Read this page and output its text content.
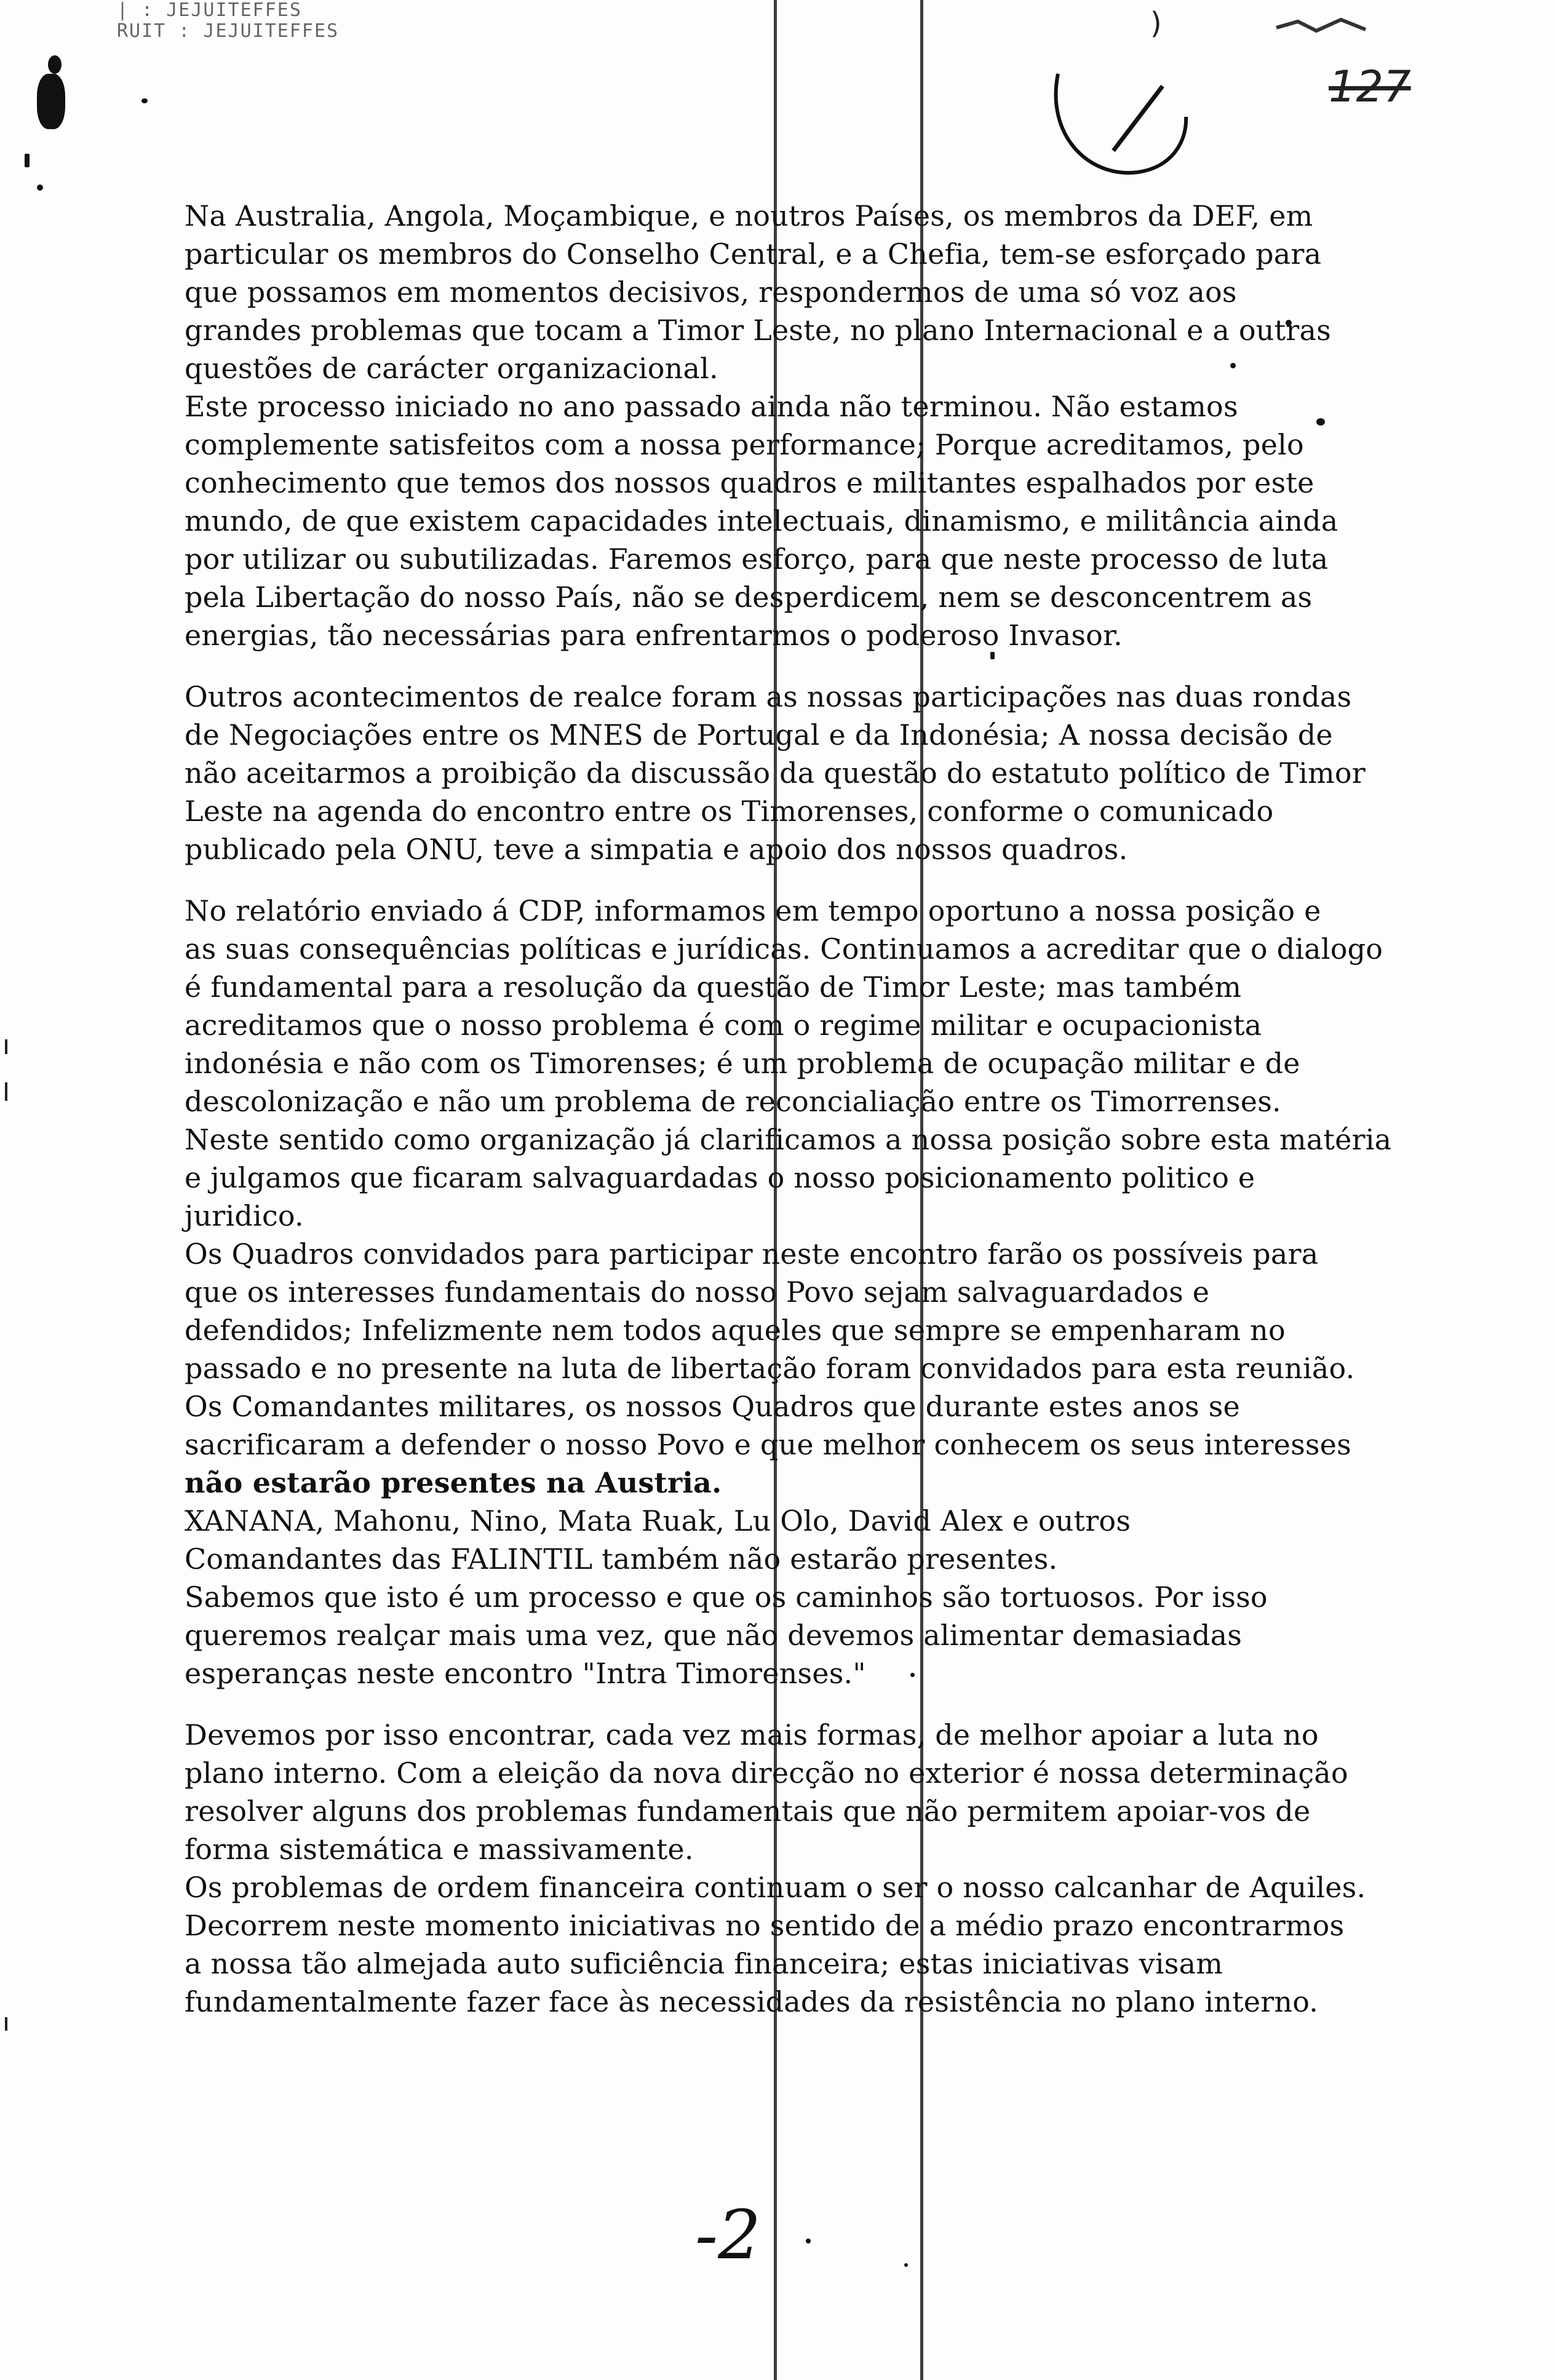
| : JEJUITEFFES
RUIT : JEJUITEFFES	)
127
Na Australia, Angola, Moçambique, e noutros Países, os membros da DEF, em
particular os membros do Conselho Central, e a Chefia, tem-se esforçado para
que possamos em momentos decisivos, respondermos de uma só voz aos
grandes problemas que tocam a Timor Leste, no plano Internacional e a outras
questões de carácter organizacional.
Este processo iniciado no ano passado ainda não terminou. Não estamos
complemente satisfeitos com a nossa performance; Porque acreditamos, pelo
conhecimento que temos dos nossos quadros e militantes espalhados por este
mundo, de que existem capacidades intelectuais, dinamismo, e militância ainda
por utilizar ou subutilizadas. Faremos esforço, para que neste processo de luta
pela Libertação do nosso País, não se desperdicem, nem se desconcentrem as
energias, tão necessárias para enfrentarmos o poderoso Invasor.
Outros acontecimentos de realce foram as nossas participações nas duas rondas
de Negociações entre os MNES de Portugal e da Indonésia; A nossa decisão de
não aceitarmos a proibição da discussão da questão do estatuto político de Timor
Leste na agenda do encontro entre os Timorenses, conforme o comunicado
publicado pela ONU, teve a simpatia e apoio dos nossos quadros.
No relatório enviado á CDP, informamos em tempo oportuno a nossa posição e
as suas consequências políticas e jurídicas. Continuamos a acreditar que o dialogo
é fundamental para a resolução da questão de Timor Leste; mas também
acreditamos que o nosso problema é com o regime militar e ocupacionista
indonésia e não com os Timorenses; é um problema de ocupação militar e de
descolonização e não um problema de reconcialiação entre os Timorrenses.
Neste sentido como organização já clarificamos a nossa posição sobre esta matéria
e julgamos que ficaram salvaguardadas o nosso posicionamento politico e
juridico.
Os Quadros convidados para participar neste encontro farão os possíveis para
que os interesses fundamentais do nosso Povo sejam salvaguardados e
defendidos; Infelizmente nem todos aqueles que sempre se empenharam no
passado e no presente na luta de libertação foram convidados para esta reunião.
Os Comandantes militares, os nossos Quadros que durante estes anos se
sacrificaram a defender o nosso Povo e que melhor conhecem os seus interesses
não estarão presentes na Austria.
XANANA, Mahonu, Nino, Mata Ruak, Lu Olo, David Alex e outros
Comandantes das FALINTIL também não estarão presentes.
Sabemos que isto é um processo e que os caminhos são tortuosos. Por isso
queremos realçar mais uma vez, que não devemos alimentar demasiadas
esperanças neste encontro "Intra Timorenses."
Devemos por isso encontrar, cada vez mais formas, de melhor apoiar a luta no
plano interno. Com a eleição da nova direcção no exterior é nossa determinação
resolver alguns dos problemas fundamentais que não permitem apoiar-vos de
forma sistemática e massivamente.
Os problemas de ordem financeira continuam o ser o nosso calcanhar de Aquiles.
Decorrem neste momento iniciativas no sentido de a médio prazo encontrarmos
a nossa tão almejada auto suficiência financeira; estas iniciativas visam
fundamentalmente fazer face às necessidades da resistência no plano interno.
-2
